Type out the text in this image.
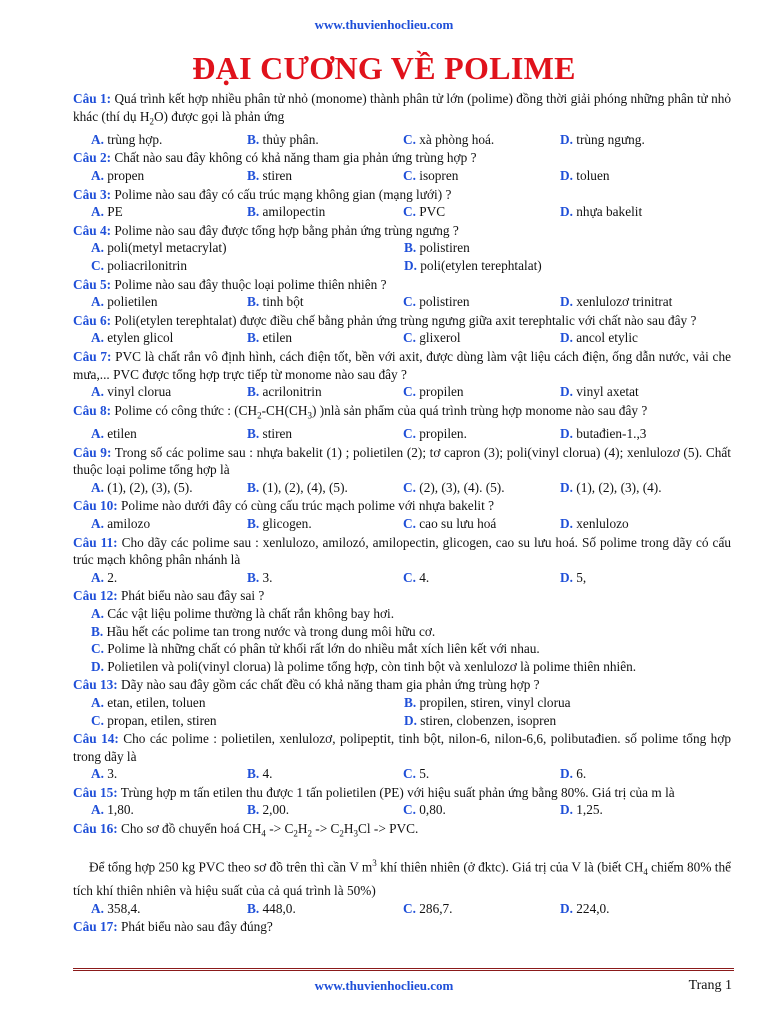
www.thuvienhoclieu.com
ĐẠI CƯƠNG VỀ POLIME
Câu 1: Quá trình kết hợp nhiều phân tử nhỏ (monome) thành phân tử lớn (polime) đồng thời giải phóng những phân tử nhỏ khác (thí dụ $H_2O$) được gọi là phản ứng
A. trùng hợp.	B. thủy phân.	C. xà phòng hoá.	D. trùng ngưng.
Câu 2: Chất nào sau đây không có khả năng tham gia phản ứng trùng hợp ?
A. propen	B. stiren	C. isopren	D. toluen
Câu 3: Polime nào sau đây có cấu trúc mạng không gian (mạng lưới) ?
A. PE	B. amilopectin	C. PVC	D. nhựa bakelit
Câu 4: Polime nào sau đây được tổng hợp bằng phản ứng trùng ngưng ?
A. poli(metyl metacrylat)	B. polistiren
C. poliacrilonitrin	D. poli(etylen terephtalat)
Câu 5: Polime nào sau đây thuộc loại polime thiên nhiên ?
A. polietilen	B. tinh bột	C. polistiren	D. xenlulozơ trinitrat
Câu 6: Poli(etylen terephtalat) được điều chế bằng phản ứng trùng ngưng giữa axit terephtalic với chất nào sau đây ?
A. etylen glicol	B. etilen	C. glixerol	D. ancol etylic
Câu 7: PVC là chất rắn vô định hình, cách điện tốt, bền với axit, được dùng làm vật liệu cách điện, ống dẫn nước, vải che mưa,... PVC được tổng hợp trực tiếp từ monome nào sau đây ?
A. vinyl clorua	B. acrilonitrin	C. propilen	D. vinyl axetat
Câu 8: Polime có công thức : ($CH_2-CH(CH_3)$ )nlà sản phẩm của quá trình trùng hợp monome nào sau đây ?
A. etilen	B. stiren	C. propilen.	D. butađien-1.,3
Câu 9: Trong số các polime sau : nhựa bakelit (1) ; polietilen (2); tơ capron (3); poli(vinyl clorua) (4); xenlulozơ (5). Chất thuộc loại polime tổng hợp là
A. (1), (2), (3), (5).	B. (1), (2), (4), (5).	C. (2), (3), (4). (5).	D. (1), (2), (3), (4).
Câu 10: Polime nào dưới đây có cùng cấu trúc mạch polime với nhựa bakelit ?
A. amilozo	B. glicogen.	C. cao su lưu hoá	D. xenlulozo
Câu 11: Cho dãy các polime sau : xenlulozo, amilozó, amilopectin, glicogen, cao su lưu hoá. Số polime trong dãy có cấu trúc mạch không phân nhánh là
A. 2.	B. 3.	C. 4.	D. 5,
Câu 12: Phát biểu nào sau đây sai ?
A. Các vật liệu polime thường là chất rắn không bay hơi.
B. Hầu hết các polime tan trong nước và trong dung môi hữu cơ.
C. Polime là những chất có phân tử khối rất lớn do nhiều mắt xích liên kết với nhau.
D. Polietilen và poli(vinyl clorua) là polime tổng hợp, còn tinh bột và xenlulozơ là polime thiên nhiên.
Câu 13: Dãy nào sau đây gồm các chất đều có khả năng tham gia phản ứng trùng hợp ?
A. etan, etilen, toluen	B. propilen, stiren, vinyl clorua
C. propan, etilen, stiren	D. stiren, clobenzen, isopren
Câu 14: Cho các polime : polietilen, xenlulozơ, polipeptit, tinh bột, nilon-6, nilon-6,6, polibutađien. số polime tổng hợp trong dãy là
A. 3.	B. 4.	C. 5.	D. 6.
Câu 15: Trùng hợp m tấn etilen thu được 1 tấn polietilen (PE) với hiệu suất phản ứng bằng 80%. Giá trị của m là
A. 1,80.	B. 2,00.	C. 0,80.	D. 1,25.
Câu 16: Cho sơ đồ chuyển hoá $CH_4 -> C_2H_2 -> C_2H_3Cl$ -> PVC.
Để tổng hợp 250 kg PVC theo sơ đồ trên thì cần V $m^3$ khí thiên nhiên (ở đktc). Giá trị của V là (biết $CH_4$ chiếm 80% thể tích khí thiên nhiên và hiệu suất của cả quá trình là 50%)
A. 358,4.	B. 448,0.	C. 286,7.	D. 224,0.
Câu 17: Phát biểu nào sau đây đúng?
www.thuvienhoclieu.com	Trang 1
